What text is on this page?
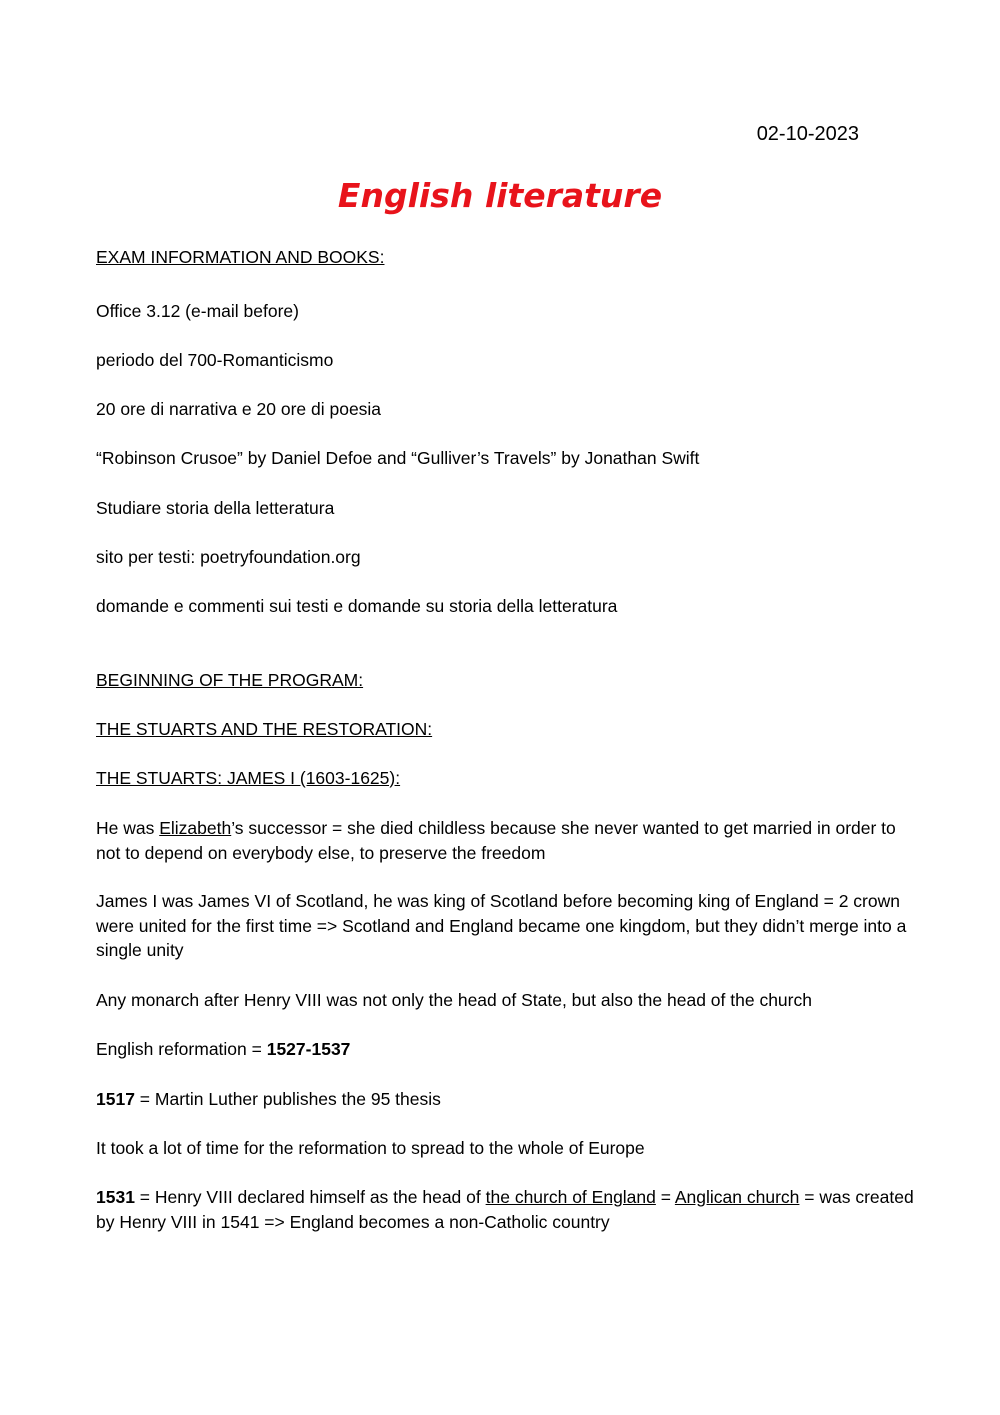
02-10-2023
English literature
EXAM INFORMATION AND BOOKS:
Office 3.12 (e-mail before)
periodo del 700-Romanticismo
20 ore di narrativa e 20 ore di poesia
“Robinson Crusoe” by Daniel Defoe and “Gulliver’s Travels” by Jonathan Swift
Studiare storia della letteratura
sito per testi: poetryfoundation.org
domande e commenti sui testi e domande su storia della letteratura
BEGINNING OF THE PROGRAM:
THE STUARTS AND THE RESTORATION:
THE STUARTS: JAMES I (1603-1625):
He was Elizabeth’s successor = she died childless because she never wanted to get married in order to not to depend on everybody else, to preserve the freedom
James I was James VI of Scotland, he was king of Scotland before becoming king of England = 2 crown were united for the first time => Scotland and England became one kingdom, but they didn’t merge into a single unity
Any monarch after Henry VIII was not only the head of State, but also the head of the church
English reformation = 1527-1537
1517 = Martin Luther publishes the 95 thesis
It took a lot of time for the reformation to spread to the whole of Europe
1531 = Henry VIII declared himself as the head of the church of England = Anglican church = was created by Henry VIII in 1541 => England becomes a non-Catholic country
